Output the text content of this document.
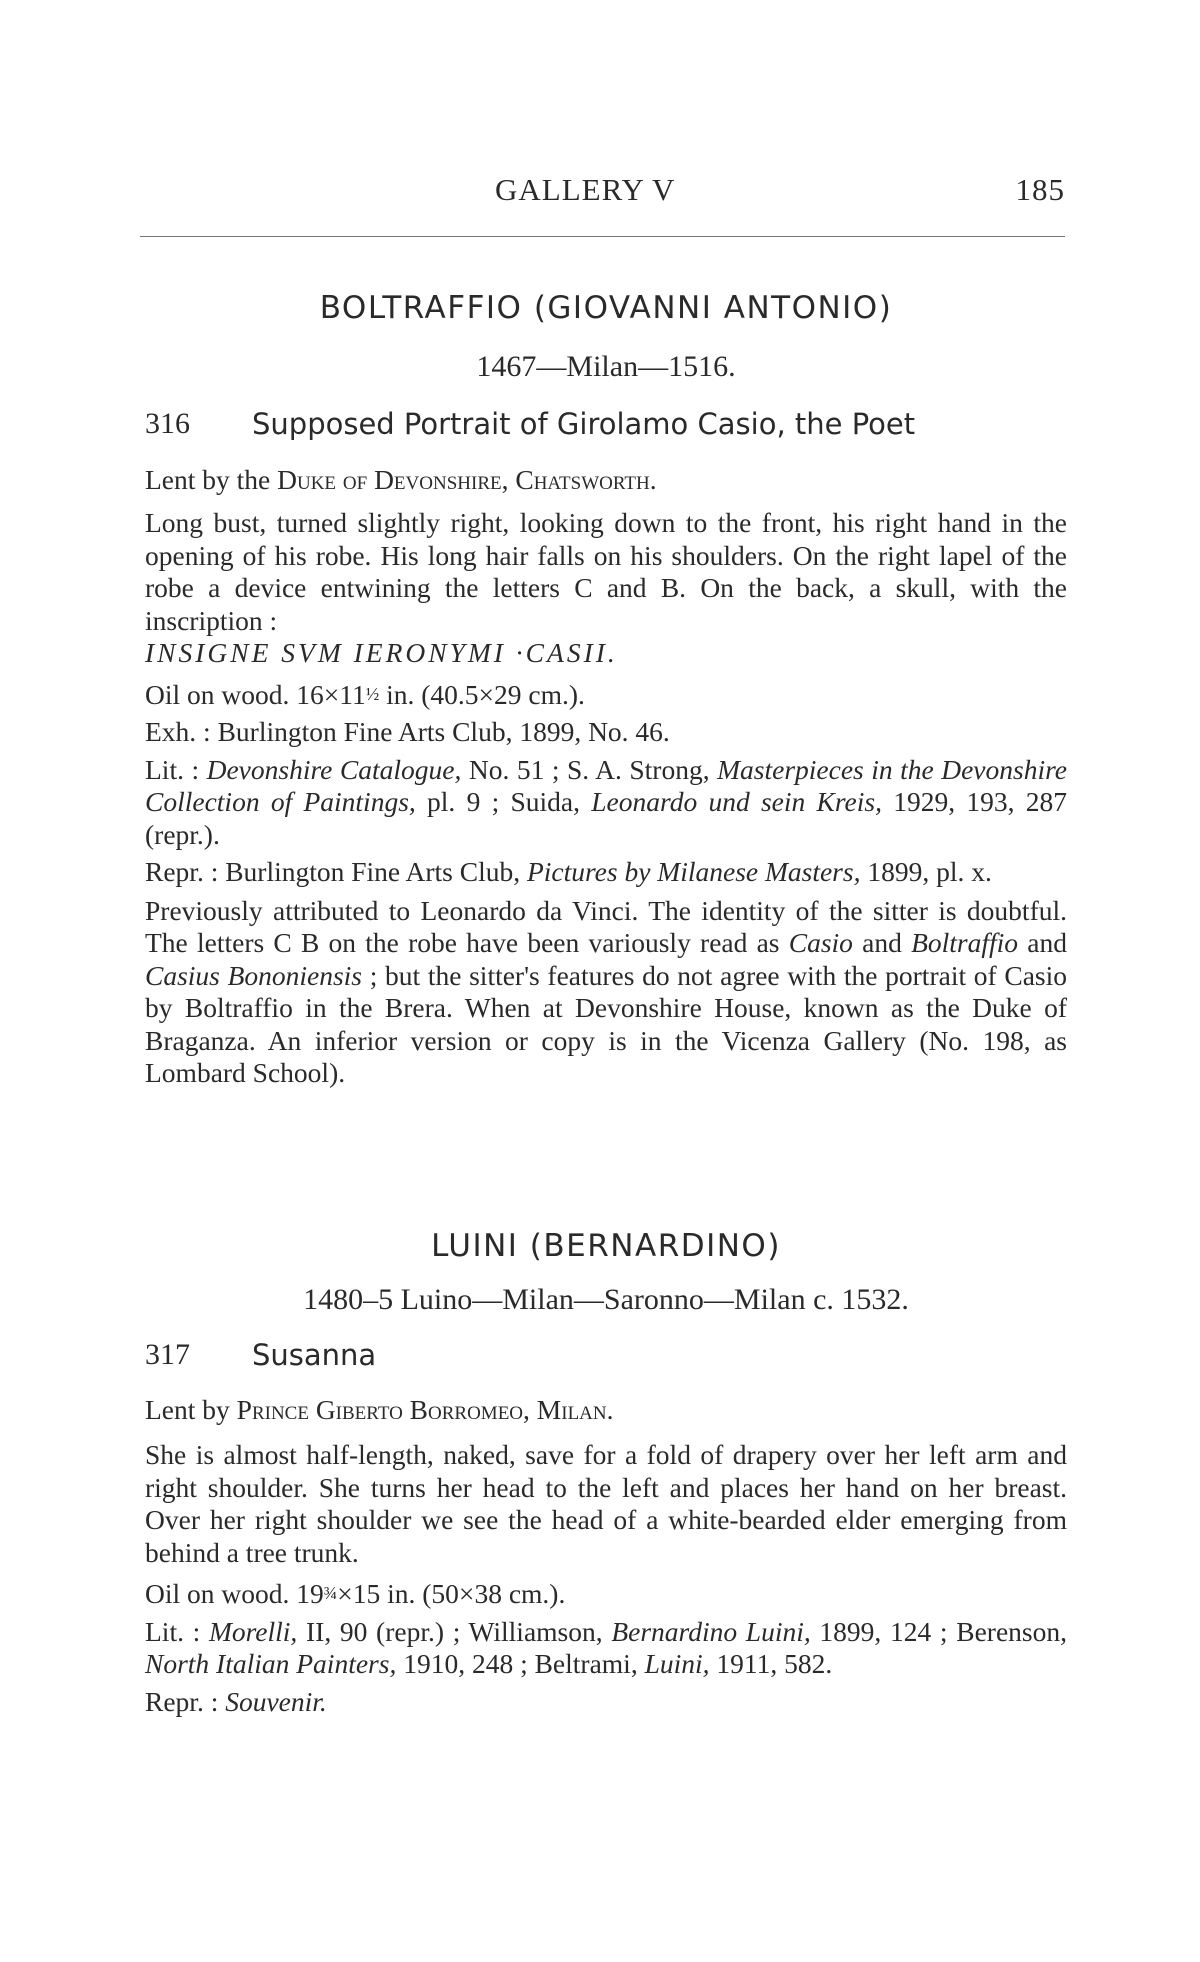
GALLERY V	185
BOLTRAFFIO (GIOVANNI ANTONIO)
1467—Milan—1516.
316 Supposed Portrait of Girolamo Casio, the Poet
Lent by the Duke of Devonshire, Chatsworth.

Long bust, turned slightly right, looking down to the front, his right hand in the opening of his robe. His long hair falls on his shoulders. On the right lapel of the robe a device entwining the letters C and B. On the back, a skull, with the inscription :
INSIGNE SVM IERONYMI ·CASII.

Oil on wood. 16×11½ in. (40.5×29 cm.).

Exh. : Burlington Fine Arts Club, 1899, No. 46.

Lit. : Devonshire Catalogue, No. 51 ; S. A. Strong, Masterpieces in the Devonshire Collection of Paintings, pl. 9 ; Suida, Leonardo und sein Kreis, 1929, 193, 287 (repr.).

Repr. : Burlington Fine Arts Club, Pictures by Milanese Masters, 1899, pl. x.

Previously attributed to Leonardo da Vinci. The identity of the sitter is doubtful. The letters C B on the robe have been variously read as Casio and Boltraffio and Casius Bononiensis ; but the sitter's features do not agree with the portrait of Casio by Boltraffio in the Brera. When at Devonshire House, known as the Duke of Braganza. An inferior version or copy is in the Vicenza Gallery (No. 198, as Lombard School).

LUINI (BERNARDINO)
1480–5 Luino—Milan—Saronno—Milan c. 1532.
317 Susanna
Lent by Prince Giberto Borromeo, Milan.

She is almost half-length, naked, save for a fold of drapery over her left arm and right shoulder. She turns her head to the left and places her hand on her breast. Over her right shoulder we see the head of a white-bearded elder emerging from behind a tree trunk.

Oil on wood. 19¾×15 in. (50×38 cm.).

Lit. : Morelli, II, 90 (repr.) ; Williamson, Bernardino Luini, 1899, 124 ; Berenson, North Italian Painters, 1910, 248 ; Beltrami, Luini, 1911, 582.

Repr. : Souvenir.
